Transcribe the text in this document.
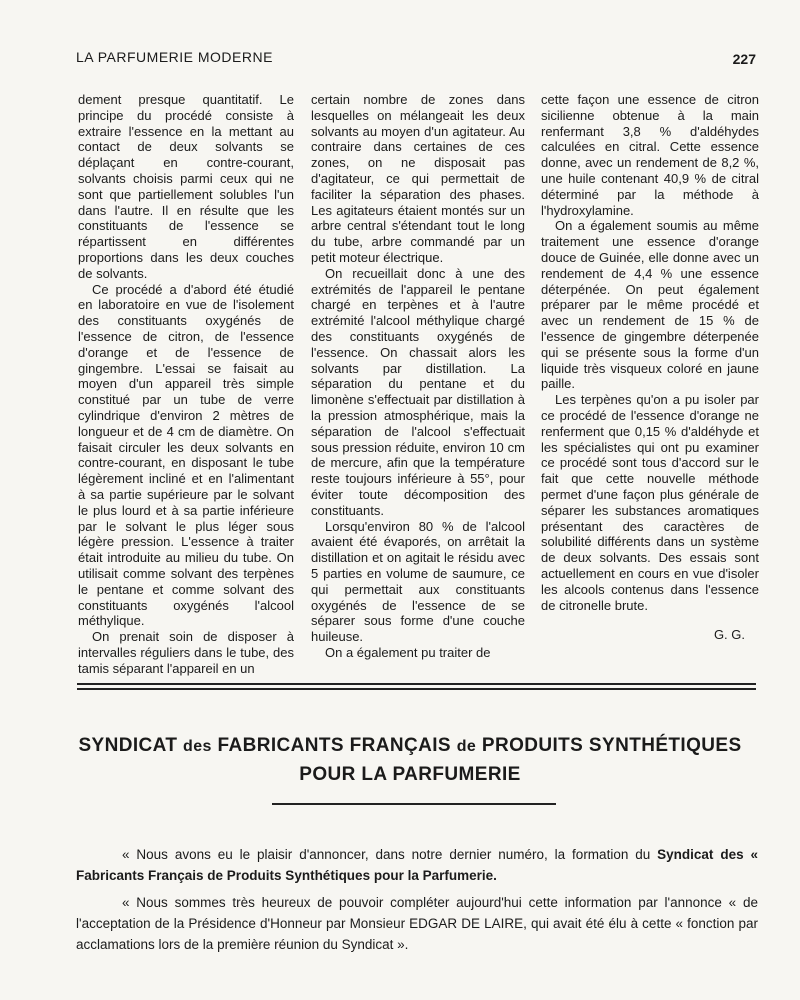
LA PARFUMERIE MODERNE	227

dement presque quantitatif. Le principe du procédé consiste à extraire l'essence en la mettant au contact de deux solvants se déplaçant en contre-courant, solvants choisis parmi ceux qui ne sont que partiellement solubles l'un dans l'autre. Il en résulte que les constituants de l'essence se répartissent en différentes proportions dans les deux couches de solvants.

Ce procédé a d'abord été étudié en laboratoire en vue de l'isolement des constituants oxygénés de l'essence de citron, de l'essence d'orange et de l'essence de gingembre. L'essai se faisait au moyen d'un appareil très simple constitué par un tube de verre cylindrique d'environ 2 mètres de longueur et de 4 cm de diamètre. On faisait circuler les deux solvants en contre-courant, en disposant le tube légèrement incliné et en l'alimentant à sa partie supérieure par le solvant le plus lourd et à sa partie inférieure par le solvant le plus léger sous légère pression. L'essence à traiter était introduite au milieu du tube. On utilisait comme solvant des terpènes le pentane et comme solvant des constituants oxygénés l'alcool méthylique.

On prenait soin de disposer à intervalles réguliers dans le tube, des tamis séparant l'appareil en un

certain nombre de zones dans lesquelles on mélangeait les deux solvants au moyen d'un agitateur. Au contraire dans certaines de ces zones, on ne disposait pas d'agitateur, ce qui permettait de faciliter la séparation des phases. Les agitateurs étaient montés sur un arbre central s'étendant tout le long du tube, arbre commandé par un petit moteur électrique.

On recueillait donc à une des extrémités de l'appareil le pentane chargé en terpènes et à l'autre extrémité l'alcool méthylique chargé des constituants oxygénés de l'essence. On chassait alors les solvants par distillation. La séparation du pentane et du limonène s'effectuait par distillation à la pression atmosphérique, mais la séparation de l'alcool s'effectuait sous pression réduite, environ 10 cm de mercure, afin que la température reste toujours inférieure à 55°, pour éviter toute décomposition des constituants.

Lorsqu'environ 80 % de l'alcool avaient été évaporés, on arrêtait la distillation et on agitait le résidu avec 5 parties en volume de saumure, ce qui permettait aux constituants oxygénés de l'essence de se séparer sous forme d'une couche huileuse.

On a également pu traiter de

cette façon une essence de citron sicilienne obtenue à la main renfermant 3,8 % d'aldéhydes calculées en citral. Cette essence donne, avec un rendement de 8,2 %, une huile contenant 40,9 % de citral déterminé par la méthode à l'hydroxylamine.

On a également soumis au même traitement une essence d'orange douce de Guinée, elle donne avec un rendement de 4,4 % une essence déterpénée. On peut également préparer par le même procédé et avec un rendement de 15 % de l'essence de gingembre déterpenée qui se présente sous la forme d'un liquide très visqueux coloré en jaune paille.

Les terpènes qu'on a pu isoler par ce procédé de l'essence d'orange ne renferment que 0,15 % d'aldéhyde et les spécialistes qui ont pu examiner ce procédé sont tous d'accord sur le fait que cette nouvelle méthode permet d'une façon plus générale de séparer les substances aromatiques présentant des caractères de solubilité différents dans un système de deux solvants. Des essais sont actuellement en cours en vue d'isoler les alcools contenus dans l'essence de citronelle brute.

G. G.

SYNDICAT des FABRICANTS FRANÇAIS de PRODUITS SYNTHÉTIQUES
POUR LA PARFUMERIE

« Nous avons eu le plaisir d'annoncer, dans notre dernier numéro, la formation du Syndicat des « Fabricants Français de Produits Synthétiques pour la Parfumerie.

« Nous sommes très heureux de pouvoir compléter aujourd'hui cette information par l'annonce « de l'acceptation de la Présidence d'Honneur par Monsieur EDGAR DE LAIRE, qui avait été élu à cette « fonction par acclamations lors de la première réunion du Syndicat ».
